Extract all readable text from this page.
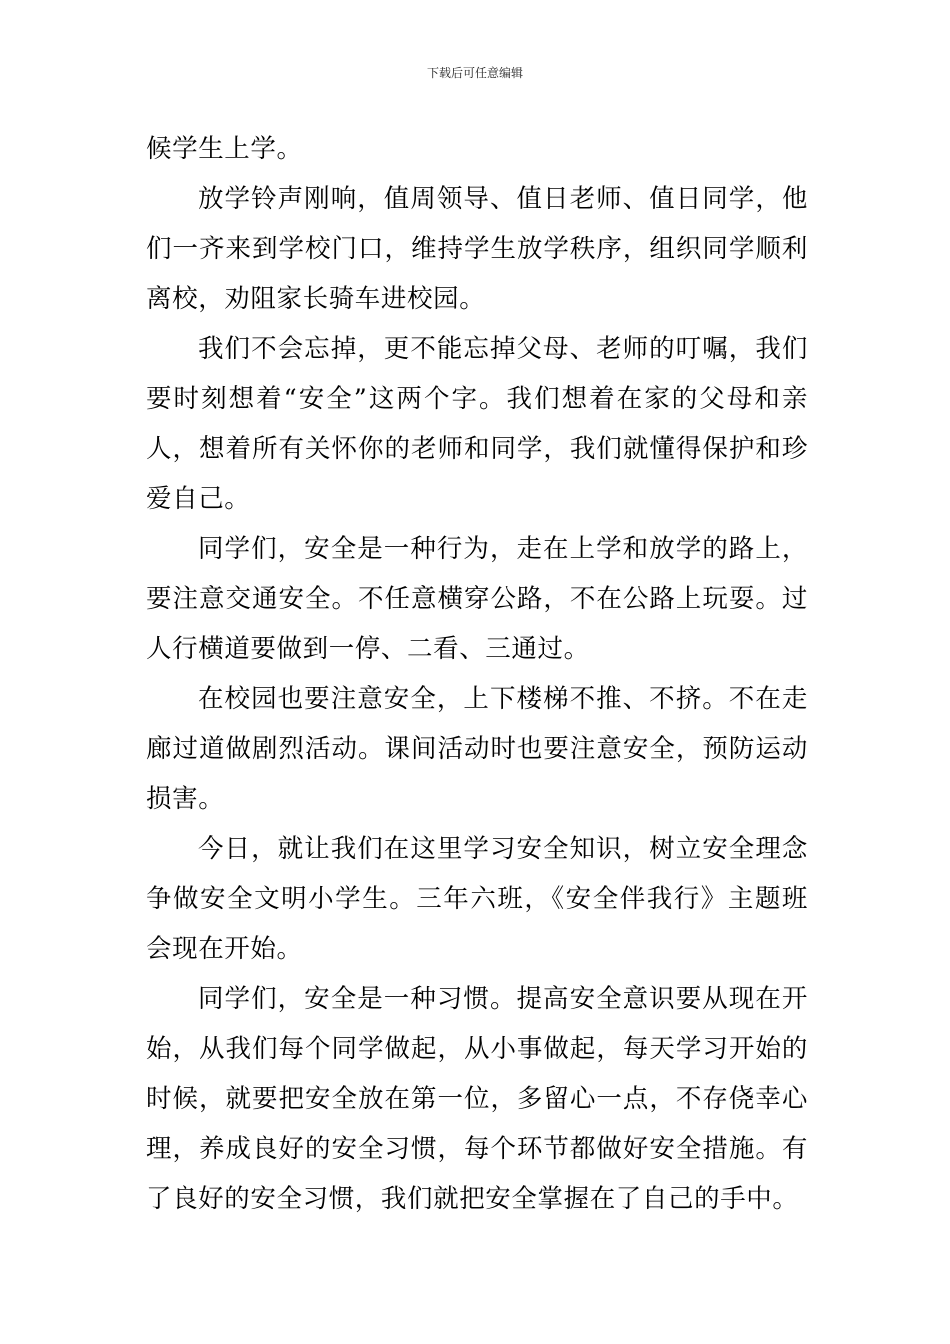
下载后可任意编辑

候学生上学。

放学铃声刚响，值周领导、值日老师、值日同学，他们一齐来到学校门口，维持学生放学秩序，组织同学顺利离校，劝阻家长骑车进校园。

我们不会忘掉，更不能忘掉父母、老师的叮嘱，我们要时刻想着“安全”这两个字。我们想着在家的父母和亲人，想着所有关怀你的老师和同学，我们就懂得保护和珍爱自己。

同学们，安全是一种行为，走在上学和放学的路上，要注意交通安全。不任意横穿公路，不在公路上玩耍。过人行横道要做到一停、二看、三通过。

在校园也要注意安全，上下楼梯不推、不挤。不在走廊过道做剧烈活动。课间活动时也要注意安全，预防运动损害。

今日，就让我们在这里学习安全知识，树立安全理念争做安全文明小学生。三年六班，《安全伴我行》主题班会现在开始。

同学们，安全是一种习惯。提高安全意识要从现在开始，从我们每个同学做起，从小事做起，每天学习开始的时候，就要把安全放在第一位，多留心一点，不存侥幸心理，养成良好的安全习惯，每个环节都做好安全措施。有了良好的安全习惯，我们就把安全掌握在了自己的手中。
